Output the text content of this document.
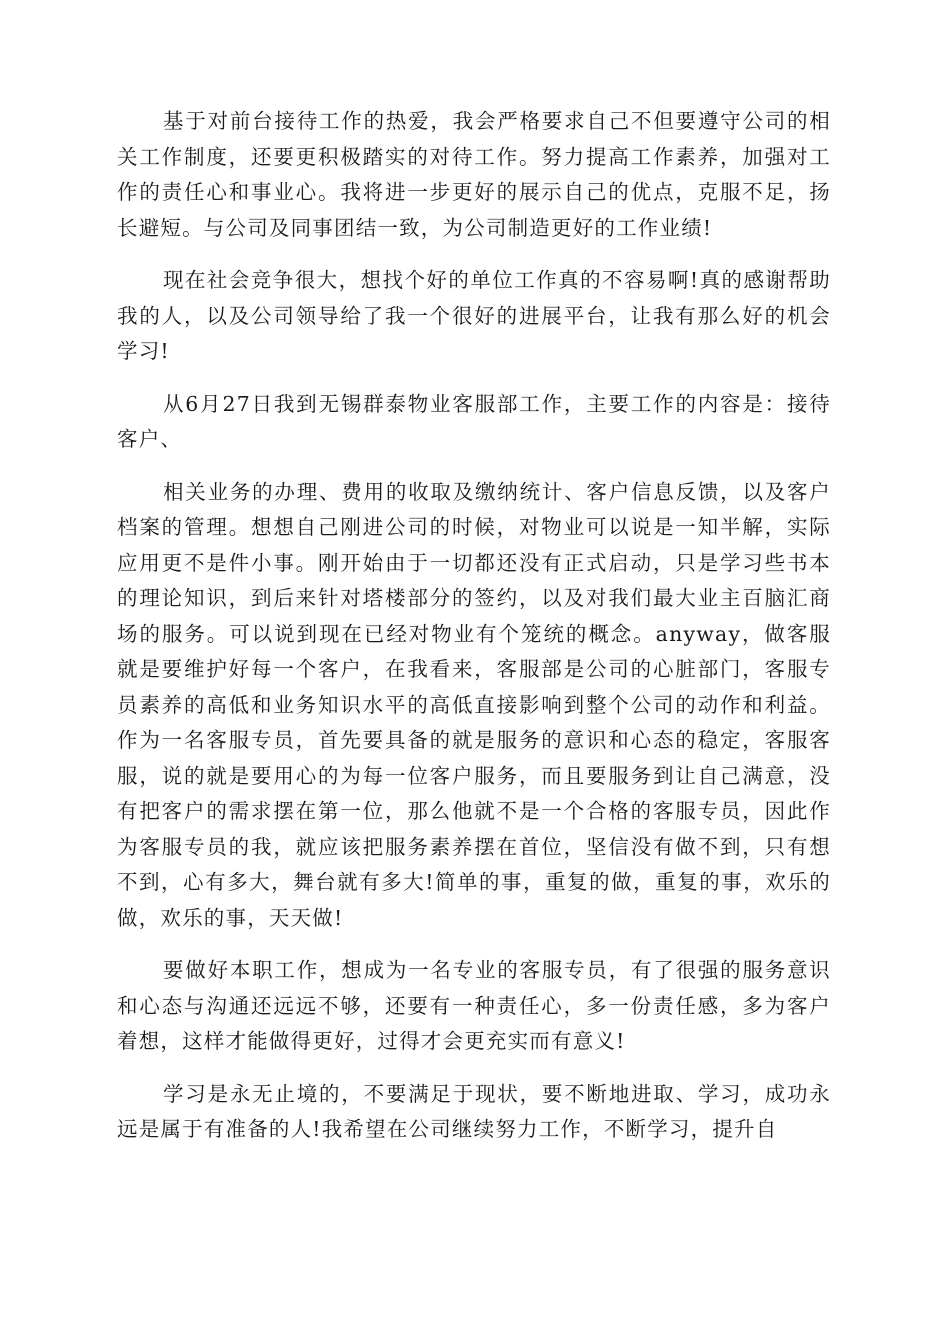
基于对前台接待工作的热爱，我会严格要求自己不但要遵守公司的相关工作制度，还要更积极踏实的对待工作。努力提高工作素养，加强对工作的责任心和事业心。我将进一步更好的展示自己的优点，克服不足，扬长避短。与公司及同事团结一致，为公司制造更好的工作业绩!

现在社会竞争很大，想找个好的单位工作真的不容易啊!真的感谢帮助我的人，以及公司领导给了我一个很好的进展平台，让我有那么好的机会学习!

从6月27日我到无锡群泰物业客服部工作，主要工作的内容是：接待客户、

相关业务的办理、费用的收取及缴纳统计、客户信息反馈，以及客户档案的管理。想想自己刚进公司的时候，对物业可以说是一知半解，实际应用更不是件小事。刚开始由于一切都还没有正式启动，只是学习些书本的理论知识，到后来针对塔楼部分的签约，以及对我们最大业主百脑汇商场的服务。可以说到现在已经对物业有个笼统的概念。anyway，做客服就是要维护好每一个客户，在我看来，客服部是公司的心脏部门，客服专员素养的高低和业务知识水平的高低直接影响到整个公司的动作和利益。作为一名客服专员，首先要具备的就是服务的意识和心态的稳定，客服客服，说的就是要用心的为每一位客户服务，而且要服务到让自己满意，没有把客户的需求摆在第一位，那么他就不是一个合格的客服专员，因此作为客服专员的我，就应该把服务素养摆在首位，坚信没有做不到，只有想不到，心有多大，舞台就有多大!简单的事，重复的做，重复的事，欢乐的做，欢乐的事，天天做!

要做好本职工作，想成为一名专业的客服专员，有了很强的服务意识和心态与沟通还远远不够，还要有一种责任心，多一份责任感，多为客户着想，这样才能做得更好，过得才会更充实而有意义!

学习是永无止境的，不要满足于现状，要不断地进取、学习，成功永远是属于有准备的人!我希望在公司继续努力工作，不断学习，提升自
